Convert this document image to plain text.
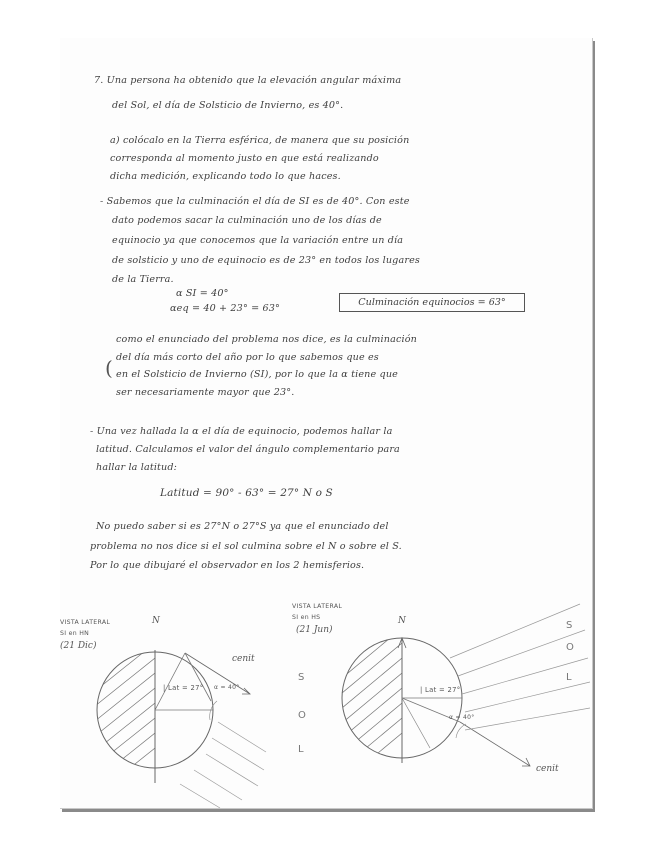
7. Una persona ha obtenido que la elevación angular máxima
del Sol, el día de Solsticio de Invierno, es 40°.
a) colócalo en la Tierra esférica, de manera que su posición
corresponda al momento justo en que está realizando
dicha medición, explicando todo lo que haces.
- Sabemos que la culminación el día de SI es de 40°. Con este
dato podemos sacar la culminación uno de los días de
equinocio ya que conocemos que la variación entre un día
de solsticio y uno de equinocio es de 23° en todos los lugares
de la Tierra.
α SI = 40°
αeq = 40 + 23° = 63°
Culminación equinocios = 63°
(
como el enunciado del problema nos dice, es la culminación
del día más corto del año por lo que sabemos que es
en el Solsticio de Invierno (SI), por lo que la α tiene que
ser necesariamente mayor que 23°.
- Una vez hallada la α el día de equinocio, podemos hallar la
latitud. Calculamos el valor del ángulo complementario para
hallar la latitud:
Latitud = 90° - 63° = 27° N o S
No puedo saber si es 27°N o 27°S ya que el enunciado del
problema no nos dice si el sol culmina sobre el N o sobre el S.
Por lo que dibujaré el observador en los 2 hemisferios.
VISTA LATERAL
SI en HN
(21 Dic)
N
cenit
| Lat = 27° α = 40°
S
O
L
VISTA LATERAL
SI en HS
(21 Jun)
N
cenit
| Lat = 27°
α = 40°
S
O
L
